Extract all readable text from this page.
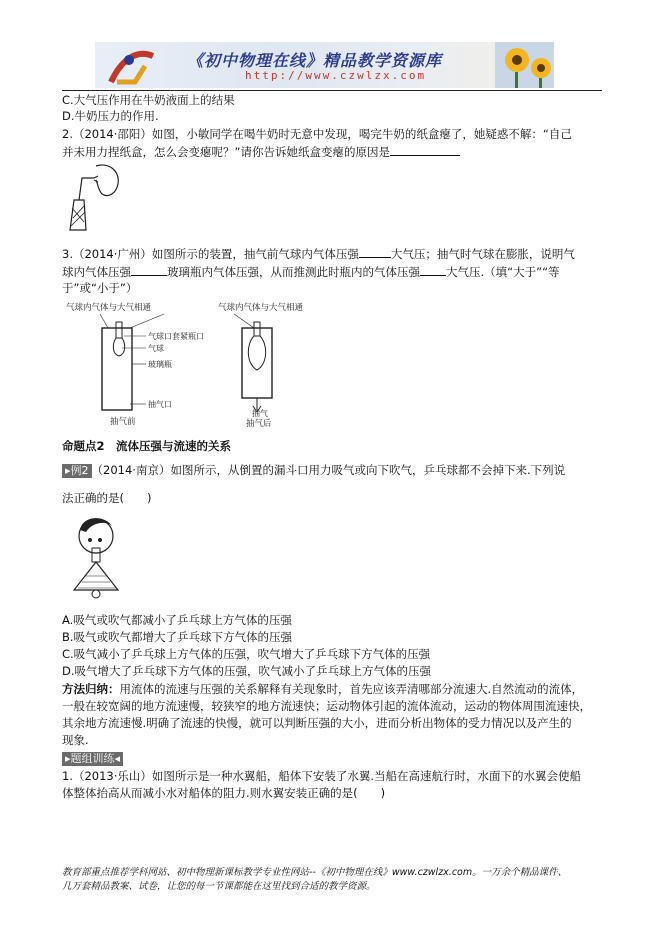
《初中物理在线》精品教学资源库
http://www.czwlzx.com
C.大气压作用在牛奶液面上的结果
D.牛奶压力的作用.
2.（2014·邵阳）如图，小敏同学在喝牛奶时无意中发现，喝完牛奶的纸盒瘪了，她疑惑不解：“自己
并未用力捏纸盒，怎么会变瘪呢？”请你告诉她纸盒变瘪的原因是
3.（2014·广州）如图所示的装置，抽气前气球内气体压强	大气压；抽气时气球在膨胀，说明气
球内气体压强	玻璃瓶内气体压强，从而推测此时瓶内的气体压强 大气压.（填“大于”“等
于”或“小于”）
气球内气体与大气相通	气球内气体与大气相通
气球口套紧瓶口
气球
玻璃瓶
抽气口
抽气前
抽气
抽气后
命题点2　流体压强与流速的关系
▸例2 （2014·南京）如图所示，从倒置的漏斗口用力吸气或向下吹气，乒乓球都不会掉下来.下列说
法正确的是(　　)
A.吸气或吹气都减小了乒乓球上方气体的压强
B.吸气或吹气都增大了乒乓球下方气体的压强
C.吸气减小了乒乓球上方气体的压强，吹气增大了乒乓球下方气体的压强
D.吸气增大了乒乓球下方气体的压强，吹气减小了乒乓球上方气体的压强
方法归纳：用流体的流速与压强的关系解释有关现象时，首先应该弄清哪部分流速大.自然流动的流体，
一般在较宽阔的地方流速慢，较狭窄的地方流速快；运动物体引起的流体流动，运动的物体周围流速快，
其余地方流速慢.明确了流速的快慢，就可以判断压强的大小，进而分析出物体的受力情况以及产生的
现象.
▸题组训练◂
1.（2013·乐山）如图所示是一种水翼船，船体下安装了水翼.当船在高速航行时，水面下的水翼会使船
体整体抬高从而减小水对船体的阻力.则水翼安装正确的是(　　)
教育部重点推荐学科网站、初中物理新课标教学专业性网站--《初中物理在线》www.czwlzx.com。一万余个精品课件、
几万套精品教案、试卷，让您的每一节课都能在这里找到合适的教学资源。
